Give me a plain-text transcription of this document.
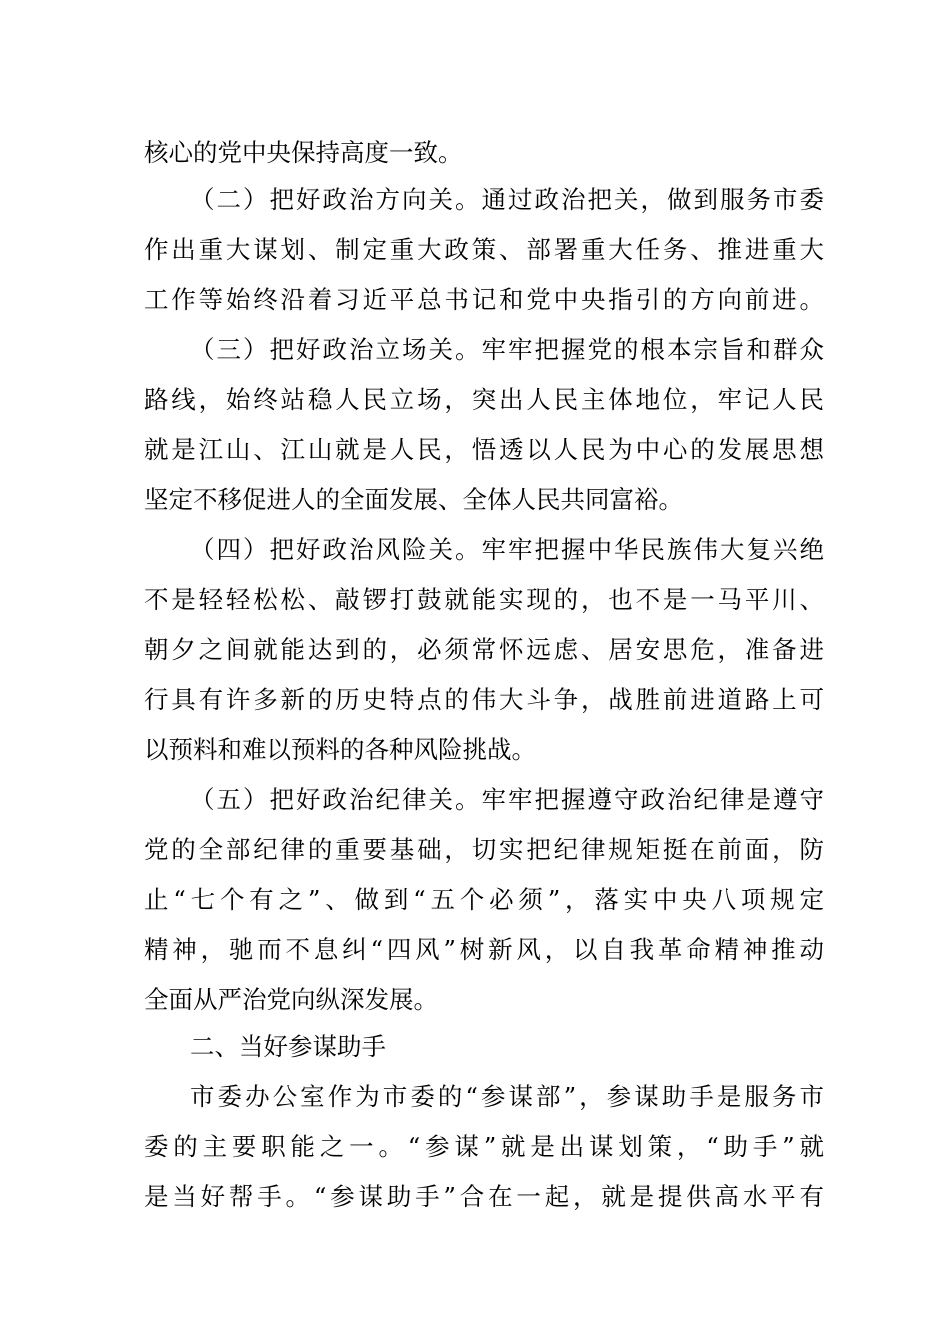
核心的党中央保持高度一致。
（二）把好政治方向关。通过政治把关，做到服务市委
作出重大谋划、制定重大政策、部署重大任务、推进重大
工作等始终沿着习近平总书记和党中央指引的方向前进。
（三）把好政治立场关。牢牢把握党的根本宗旨和群众
路线，始终站稳人民立场，突出人民主体地位，牢记人民
就是江山、江山就是人民，悟透以人民为中心的发展思想
坚定不移促进人的全面发展、全体人民共同富裕。
（四）把好政治风险关。牢牢把握中华民族伟大复兴绝
不是轻轻松松、敲锣打鼓就能实现的，也不是一马平川、
朝夕之间就能达到的，必须常怀远虑、居安思危，准备进
行具有许多新的历史特点的伟大斗争，战胜前进道路上可
以预料和难以预料的各种风险挑战。
（五）把好政治纪律关。牢牢把握遵守政治纪律是遵守
党的全部纪律的重要基础，切实把纪律规矩挺在前面，防
止“七个有之”、做到“五个必须”，落实中央八项规定
精神，驰而不息纠“四风”树新风，以自我革命精神推动
全面从严治党向纵深发展。
二、当好参谋助手
市委办公室作为市委的“参谋部”，参谋助手是服务市
委的主要职能之一。“参谋”就是出谋划策，“助手”就
是当好帮手。“参谋助手”合在一起，就是提供高水平有
